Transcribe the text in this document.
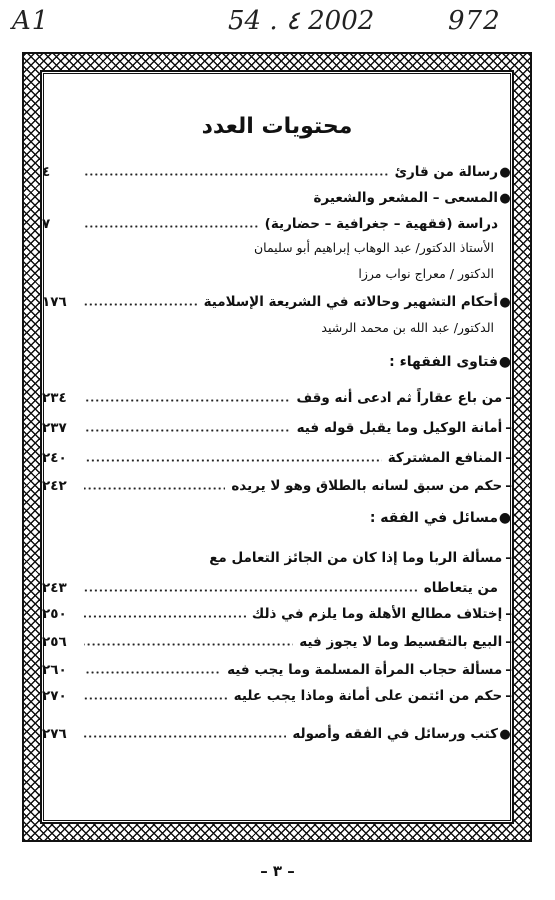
A1	54 . ٤ 2002	972
محتويات العدد
●
رسالة من قارئ
٤
●
المسعى – المشعر والشعيرة
دراسة (فقهية – جغرافية – حضارية)
٧
الأستاذ الدكتور/ عبد الوهاب إبراهيم أبو سليمان
الدكتور / معراج نواب مرزا
●
أحكام التشهير وحالاته في الشريعة الإسلامية
١٧٦
الدكتور/ عبد الله بن محمد الرشيد
●
فتاوى الفقهاء :
–
من باع عقاراً ثم ادعى أنه وقف
٢٣٤
–
أمانة الوكيل وما يقبل قوله فيه
٢٣٧
–
المنافع المشتركة
٢٤٠
–
حكم من سبق لسانه بالطلاق وهو لا يريده
٢٤٢
●
مسائل في الفقه :
–
مسألة الربا وما إذا كان من الجائز التعامل مع
من يتعاطاه
٢٤٣
–
إختلاف مطالع الأهلة وما يلزم في ذلك
٢٥٠
–
البيع بالتقسيط وما لا يجوز فيه
٢٥٦
–
مسألة حجاب المرأة المسلمة وما يجب فيه
٢٦٠
–
حكم من ائتمن على أمانة وماذا يجب عليه
٢٧٠
●
كتب ورسائل في الفقه وأصوله
٢٧٦
– ٣ –
